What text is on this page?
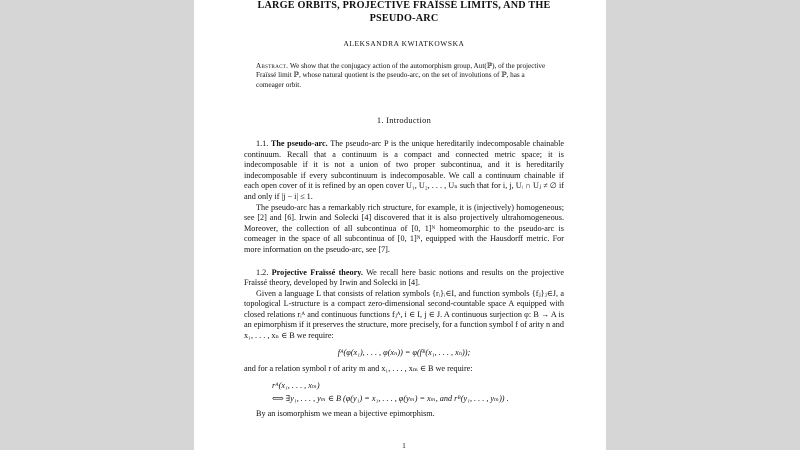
LARGE ORBITS, PROJECTIVE FRAÏSSÉ LIMITS, AND THE
PSEUDO-ARC
ALEKSANDRA KWIATKOWSKA
Abstract. We show that the conjugacy action of the automorphism group, Aut(ℙ), of the projective Fraïssé limit ℙ, whose natural quotient is the pseudo-arc, on the set of involutions of ℙ, has a comeager orbit.
1. Introduction

1.1. The pseudo-arc. The pseudo-arc P is the unique hereditarily indecomposable chainable continuum. Recall that a continuum is a compact and connected metric space; it is indecomposable if it is not a union of two proper subcontinua, and it is hereditarily indecomposable if every subcontinuum is indecomposable. We call a continuum chainable if each open cover of it is refined by an open cover U₁, U₂, . . . , Uₙ such that for i, j, Uᵢ ∩ Uⱼ ≠ ∅ if and only if |j − i| ≤ 1.

The pseudo-arc has a remarkably rich structure, for example, it is (injectively) homogeneous; see [2] and [6]. Irwin and Solecki [4] discovered that it is also projectively ultrahomogeneous. Moreover, the collection of all subcontinua of [0, 1]ᴺ homeomorphic to the pseudo-arc is comeager in the space of all subcontinua of [0, 1]ᴺ, equipped with the Hausdorff metric. For more information on the pseudo-arc, see [7].

1.2. Projective Fraïssé theory. We recall here basic notions and results on the projective Fraïssé theory, developed by Irwin and Solecki in [4].

Given a language L that consists of relation symbols {rᵢ}ᵢ∈I, and function symbols {fⱼ}ⱼ∈J, a topological L-structure is a compact zero-dimensional second-countable space A equipped with closed relations rᵢᴬ and continuous functions fⱼᴬ, i ∈ I, j ∈ J. A continuous surjection φ: B → A is an epimorphism if it preserves the structure, more precisely, for a function symbol f of arity n and x₁, . . . , xₙ ∈ B we require:

fᴬ(φ(x₁), . . . , φ(xₙ)) = φ(fᴮ(x₁, . . . , xₙ));

and for a relation symbol r of arity m and x₁, . . . , xₘ ∈ B we require:

rᴬ(x₁, . . . , xₘ)
⟺ ∃y₁, . . . , yₘ ∈ B (φ(y₁) = x₁, . . . , φ(yₘ) = xₘ, and rᴮ(y₁, . . . , yₘ)) .

By an isomorphism we mean a bijective epimorphism.

1
